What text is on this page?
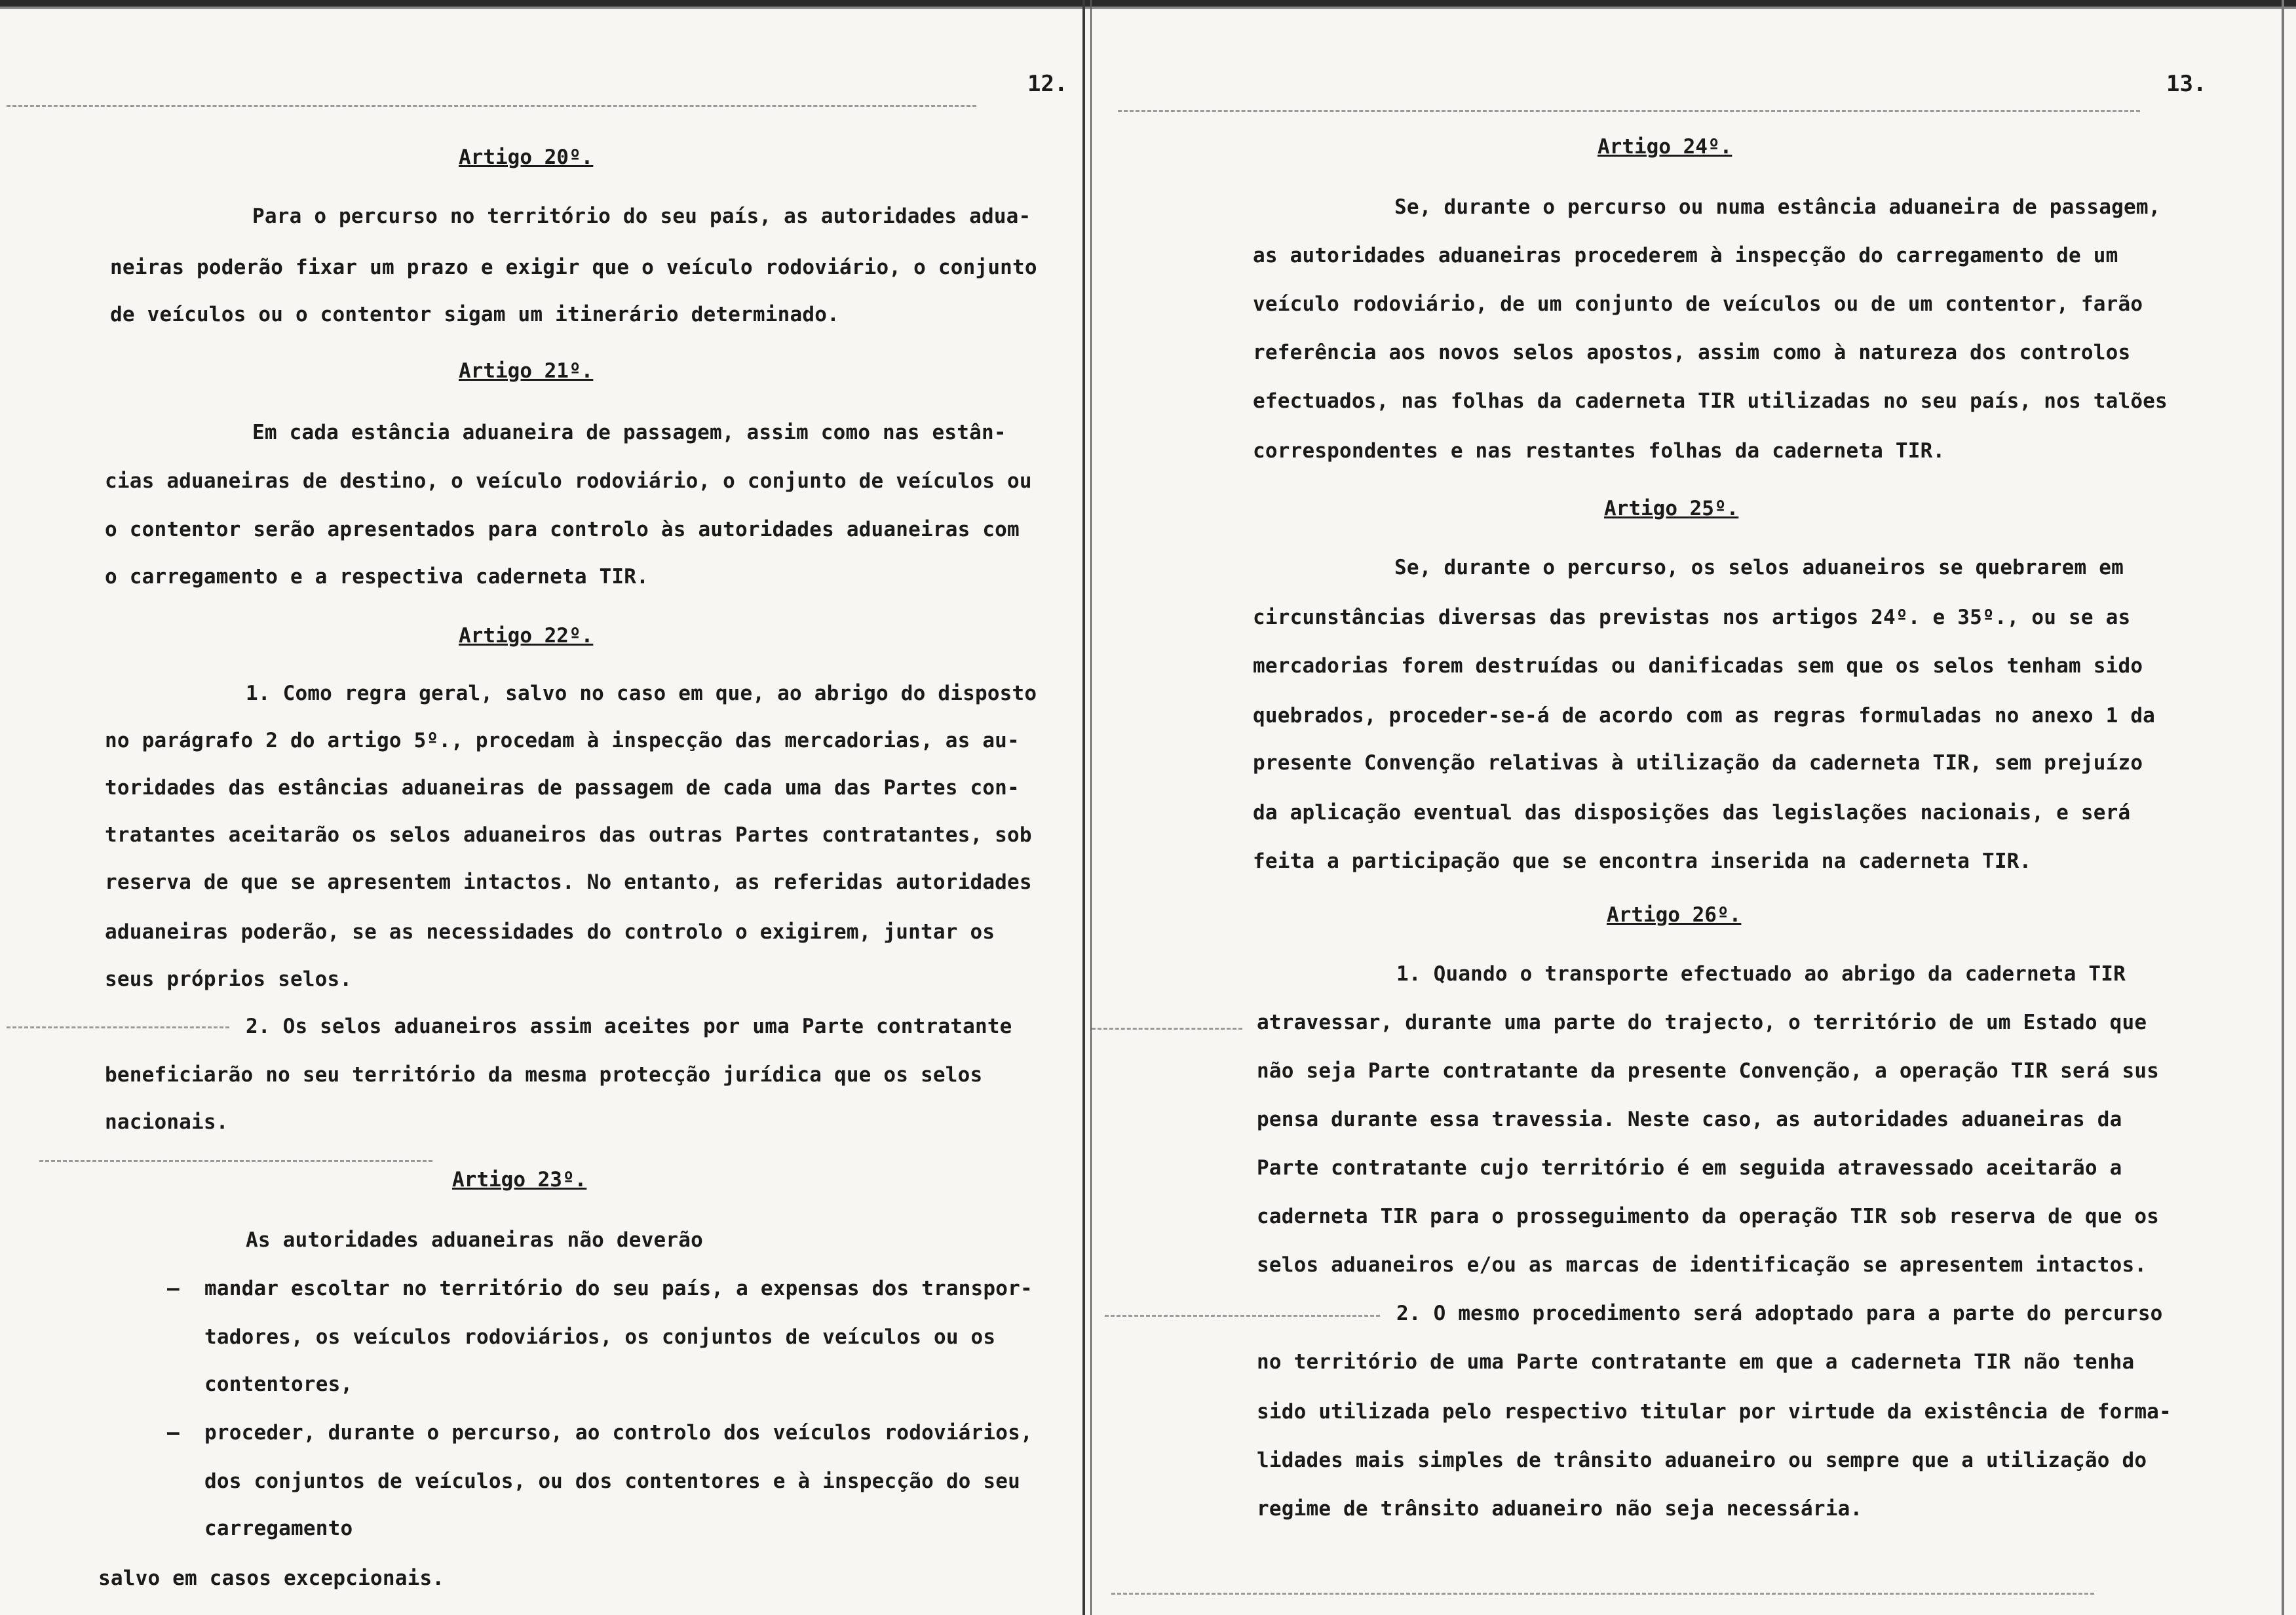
12.

Artigo 20º.

Para o percurso no território do seu país, as autoridades adua-

neiras poderão fixar um prazo e exigir que o veículo rodoviário, o conjunto

de veículos ou o contentor sigam um itinerário determinado.

Artigo 21º.

Em cada estância aduaneira de passagem, assim como nas estân-

cias aduaneiras de destino, o veículo rodoviário, o conjunto de veículos ou

o contentor serão apresentados para controlo às autoridades aduaneiras com

o carregamento e a respectiva caderneta TIR.

Artigo 22º.

1. Como regra geral, salvo no caso em que, ao abrigo do disposto

no parágrafo 2 do artigo 5º., procedam à inspecção das mercadorias, as au-

toridades das estâncias aduaneiras de passagem de cada uma das Partes con-

tratantes aceitarão os selos aduaneiros das outras Partes contratantes, sob

reserva de que se apresentem intactos. No entanto, as referidas autoridades

aduaneiras poderão, se as necessidades do controlo o exigirem, juntar os

seus próprios selos.

2. Os selos aduaneiros assim aceites por uma Parte contratante

beneficiarão no seu território da mesma protecção jurídica que os selos

nacionais.

Artigo 23º.

As autoridades aduaneiras não deverão

— mandar escoltar no território do seu país, a expensas dos transpor-

tadores, os veículos rodoviários, os conjuntos de veículos ou os

contentores,

— proceder, durante o percurso, ao controlo dos veículos rodoviários,

dos conjuntos de veículos, ou dos contentores e à inspecção do seu

carregamento

salvo em casos excepcionais.

13.

Artigo 24º.

Se, durante o percurso ou numa estância aduaneira de passagem,

as autoridades aduaneiras procederem à inspecção do carregamento de um

veículo rodoviário, de um conjunto de veículos ou de um contentor, farão

referência aos novos selos apostos, assim como à natureza dos controlos

efectuados, nas folhas da caderneta TIR utilizadas no seu país, nos talões

correspondentes e nas restantes folhas da caderneta TIR.

Artigo 25º.

Se, durante o percurso, os selos aduaneiros se quebrarem em

circunstâncias diversas das previstas nos artigos 24º. e 35º., ou se as

mercadorias forem destruídas ou danificadas sem que os selos tenham sido

quebrados, proceder-se-á de acordo com as regras formuladas no anexo 1 da

presente Convenção relativas à utilização da caderneta TIR, sem prejuízo

da aplicação eventual das disposições das legislações nacionais, e será

feita a participação que se encontra inserida na caderneta TIR.

Artigo 26º.

1. Quando o transporte efectuado ao abrigo da caderneta TIR

atravessar, durante uma parte do trajecto, o território de um Estado que

não seja Parte contratante da presente Convenção, a operação TIR será sus

pensa durante essa travessia. Neste caso, as autoridades aduaneiras da

Parte contratante cujo território é em seguida atravessado aceitarão a

caderneta TIR para o prosseguimento da operação TIR sob reserva de que os

selos aduaneiros e/ou as marcas de identificação se apresentem intactos.

2. O mesmo procedimento será adoptado para a parte do percurso

no território de uma Parte contratante em que a caderneta TIR não tenha

sido utilizada pelo respectivo titular por virtude da existência de forma-

lidades mais simples de trânsito aduaneiro ou sempre que a utilização do

regime de trânsito aduaneiro não seja necessária.
